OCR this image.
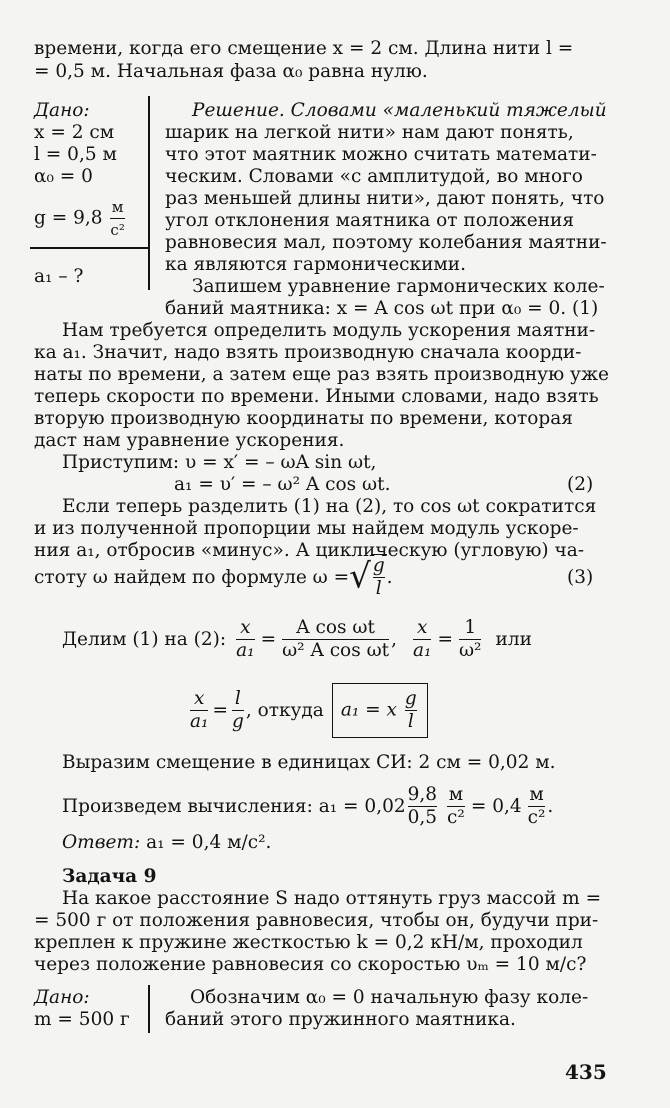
времени, когда его смещение x = 2 см. Длина нити l =
= 0,5 м. Начальная фаза α₀ равна нулю.
Дано:
x = 2 см
l = 0,5 м
α₀ = 0
$g = 9,8 \frac{м}{\text{c²}}$
a₁ – ?
Решение. Словами «маленький тяжелый
шарик на легкой нити» нам дают понять,
что этот маятник можно считать математи-
ческим. Словами «с амплитудой, во много
раз меньшей длины нити», дают понять, что
угол отклонения маятника от положения
равновесия мал, поэтому колебания маятни-
ка являются гармоническими.
Запишем уравнение гармонических коле-
баний маятника: x = A cos ωt при α₀ = 0. (1)
Нам требуется определить модуль ускорения маятни-
ка a₁. Значит, надо взять производную сначала коорди-
наты по времени, а затем еще раз взять производную уже
теперь скорости по времени. Иными словами, надо взять
вторую производную координаты по времени, которая
даст нам уравнение ускорения.
Приступим: υ = x′ = – ωA sin ωt,
a₁ = υ′ = – ω² A cos ωt.	(2)
Если теперь разделить (1) на (2), то cos ωt сократится
и из полученной пропорции мы найдем модуль ускоре-
ния a₁, отбросив «минус». А циклическую (угловую) ча-
стоту ω найдем по формуле ω = √ $\frac{g}{l}$ .	(3)
Делим (1) на (2): $\frac{x}{\text{a₁}} = \frac{\text{A cos ωt}}{\text{ω² A cos ωt}}$ , $\frac{x}{\text{a₁}} = \frac{1}{\text{ω²}}$ или
$\frac{x}{\text{a₁}} = \frac{l}{g}$ , откуда a₁ = x $\frac{g}{l}$
Выразим смещение в единицах СИ: 2 см = 0,02 м.
Произведем вычисления: $a_1 = 0,02 \frac{9,8}{0,5} \frac{м}{\text{c²}} = 0,4 \frac{м}{\text{c²}}$ .
Ответ: a₁ = 0,4 м/с².
Задача 9
На какое расстояние S надо оттянуть груз массой m =
= 500 г от положения равновесия, чтобы он, будучи при-
креплен к пружине жесткостью k = 0,2 кН/м, проходил
через положение равновесия со скоростью υₘ = 10 м/с?
Дано:
m = 500 г
Обозначим α₀ = 0 начальную фазу коле-
баний этого пружинного маятника.
435
